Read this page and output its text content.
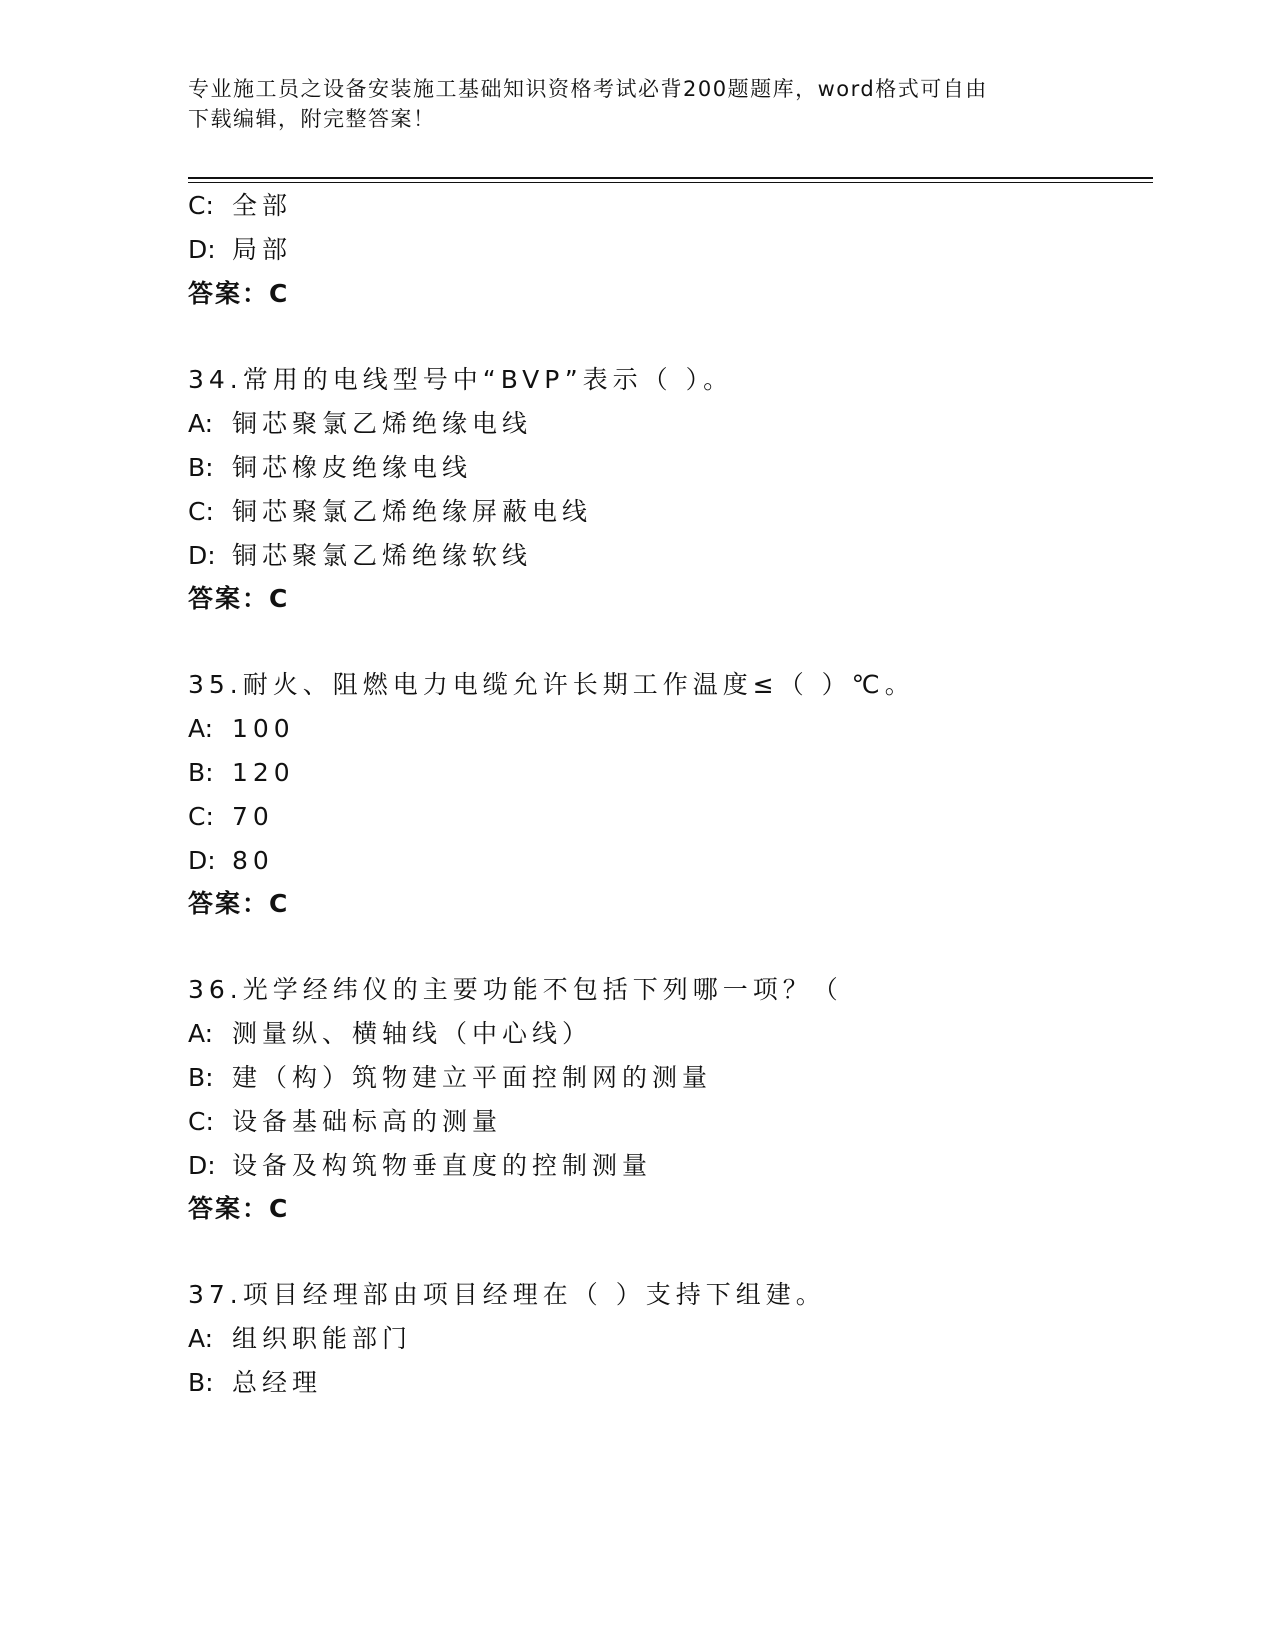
专业施工员之设备安装施工基础知识资格考试必背200题题库，word格式可自由
下载编辑，附完整答案！
C: 全部
D: 局部
答案：C
34.常用的电线型号中“BVP”表示（ ）。
A: 铜芯聚氯乙烯绝缘电线
B: 铜芯橡皮绝缘电线
C: 铜芯聚氯乙烯绝缘屏蔽电线
D: 铜芯聚氯乙烯绝缘软线
答案：C
35.耐火、阻燃电力电缆允许长期工作温度≤（ ）℃。
A: 100
B: 120
C: 70
D: 80
答案：C
36.光学经纬仪的主要功能不包括下列哪一项？（
A: 测量纵、横轴线（中心线）
B: 建（构）筑物建立平面控制网的测量
C: 设备基础标高的测量
D: 设备及构筑物垂直度的控制测量
答案：C
37.项目经理部由项目经理在（ ）支持下组建。
A: 组织职能部门
B: 总经理
